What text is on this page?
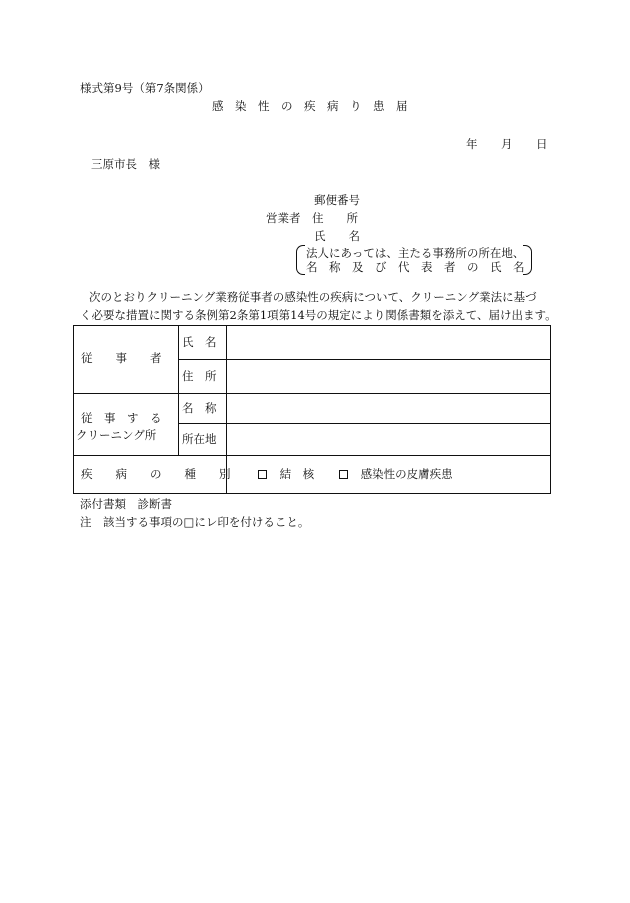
様式第9号（第7条関係）
感　染　性　の　疾　病　り　患　届
年 月 日
三原市長　様
郵便番号
営業者 住　　所
氏　　名
法人にあっては、主たる事務所の所在地、
名　称　及　び　代　表　者　の　氏　名
次のとおりクリーニング業務従事者の感染性の疾病について、クリーニング業法に基づ
く必要な措置に関する条例第2条第1項第14号の規定により関係書類を添えて、届け出ます。
従　　事　　者
氏　名
住　所
従　事　す　る
クリーニング所
名　称
所在地
疾　　病　　の　　種　　別	結　核	感染性の皮膚疾患
添付書類　診断書
注　該当する事項の□にレ印を付けること。
